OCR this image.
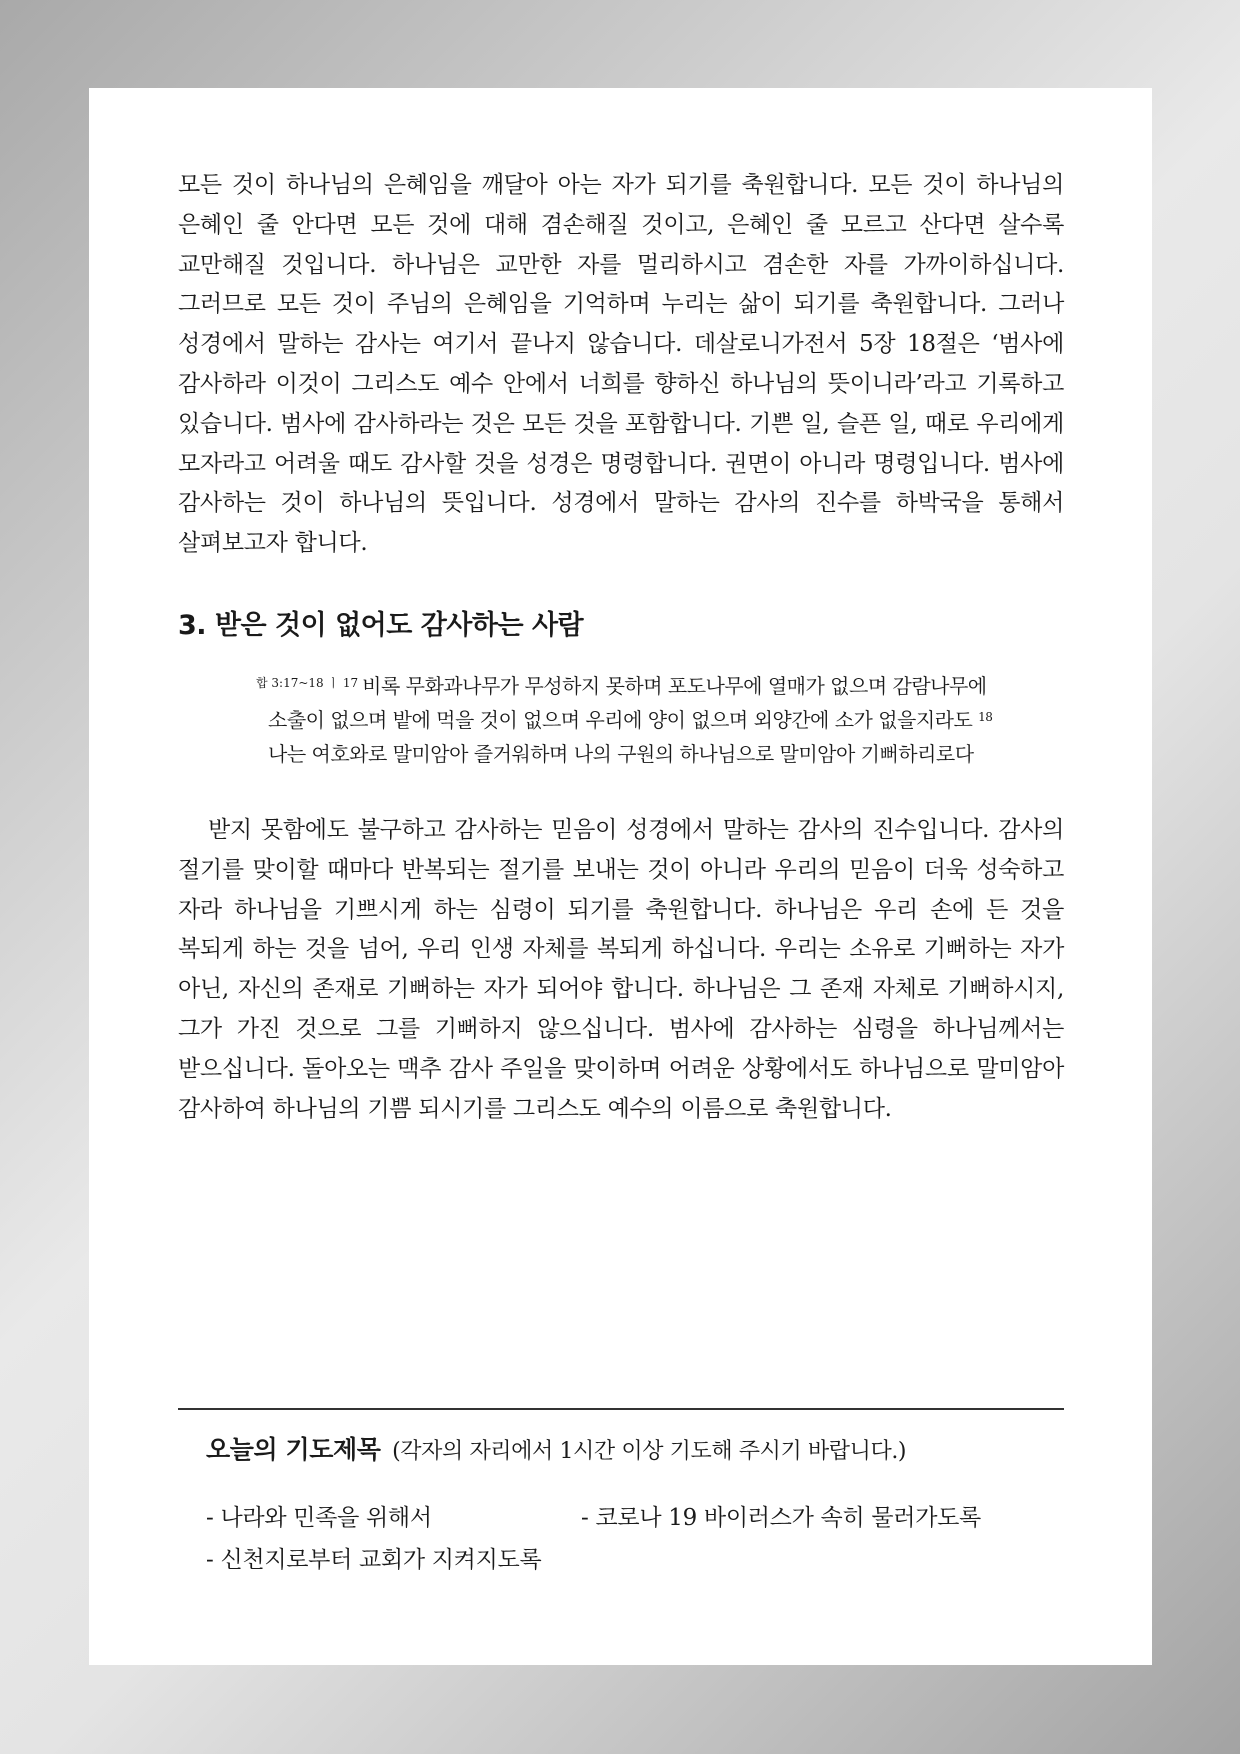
모든 것이 하나님의 은혜임을 깨달아 아는 자가 되기를 축원합니다. 모든 것이 하나님의 은혜인 줄 안다면 모든 것에 대해 겸손해질 것이고, 은혜인 줄 모르고 산다면 살수록 교만해질 것입니다. 하나님은 교만한 자를 멀리하시고 겸손한 자를 가까이하십니다. 그러므로 모든 것이 주님의 은혜임을 기억하며 누리는 삶이 되기를 축원합니다. 그러나 성경에서 말하는 감사는 여기서 끝나지 않습니다. 데살로니가전서 5장 18절은 ‘범사에 감사하라 이것이 그리스도 예수 안에서 너희를 향하신 하나님의 뜻이니라’라고 기록하고 있습니다. 범사에 감사하라는 것은 모든 것을 포함합니다. 기쁜 일, 슬픈 일, 때로 우리에게 모자라고 어려울 때도 감사할 것을 성경은 명령합니다. 권면이 아니라 명령입니다. 범사에 감사하는 것이 하나님의 뜻입니다. 성경에서 말하는 감사의 진수를 하박국을 통해서 살펴보고자 합니다.

3. 받은 것이 없어도 감사하는 사람
$^{합 3:17\sim 18 ㅣ 17}$ 비록 무화과나무가 무성하지 못하며 포도나무에 열매가 없으며 감람나무에 소출이 없으며 밭에 먹을 것이 없으며 우리에 양이 없으며 외양간에 소가 없을지라도 $^{18}$ 나는 여호와로 말미암아 즐거워하며 나의 구원의 하나님으로 말미암아 기뻐하리로다

받지 못함에도 불구하고 감사하는 믿음이 성경에서 말하는 감사의 진수입니다. 감사의 절기를 맞이할 때마다 반복되는 절기를 보내는 것이 아니라 우리의 믿음이 더욱 성숙하고 자라 하나님을 기쁘시게 하는 심령이 되기를 축원합니다. 하나님은 우리 손에 든 것을 복되게 하는 것을 넘어, 우리 인생 자체를 복되게 하십니다. 우리는 소유로 기뻐하는 자가 아닌, 자신의 존재로 기뻐하는 자가 되어야 합니다. 하나님은 그 존재 자체로 기뻐하시지, 그가 가진 것으로 그를 기뻐하지 않으십니다. 범사에 감사하는 심령을 하나님께서는 받으십니다. 돌아오는 맥추 감사 주일을 맞이하며 어려운 상황에서도 하나님으로 말미암아 감사하여 하나님의 기쁨 되시기를 그리스도 예수의 이름으로 축원합니다.

오늘의 기도제목 (각자의 자리에서 1시간 이상 기도해 주시기 바랍니다.)
- 나라와 민족을 위해서	- 코로나 19 바이러스가 속히 물러가도록
- 신천지로부터 교회가 지켜지도록
